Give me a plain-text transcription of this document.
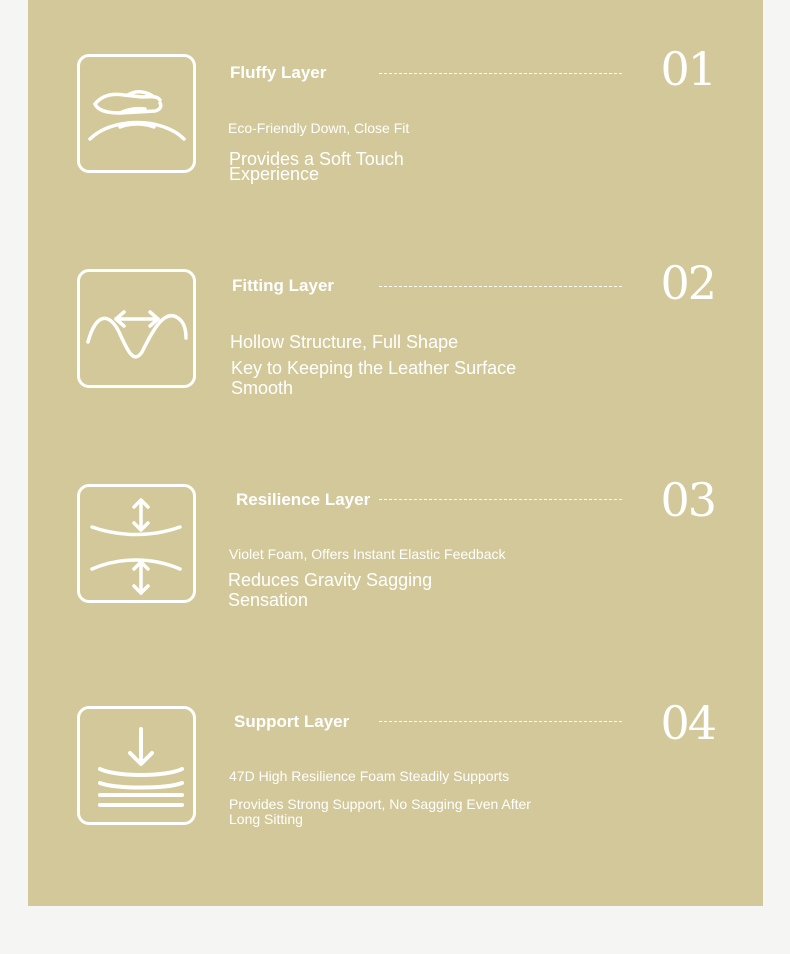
Fluffy Layer	01
Eco-Friendly Down, Close Fit
Provides a Soft Touch
Experience
Fitting Layer	02
Hollow Structure, Full Shape
Key to Keeping the Leather Surface
Smooth
Resilience Layer	03
Violet Foam, Offers Instant Elastic Feedback
Reduces Gravity Sagging
Sensation
Support Layer	04
47D High Resilience Foam Steadily Supports
Provides Strong Support, No Sagging Even After
Long Sitting
